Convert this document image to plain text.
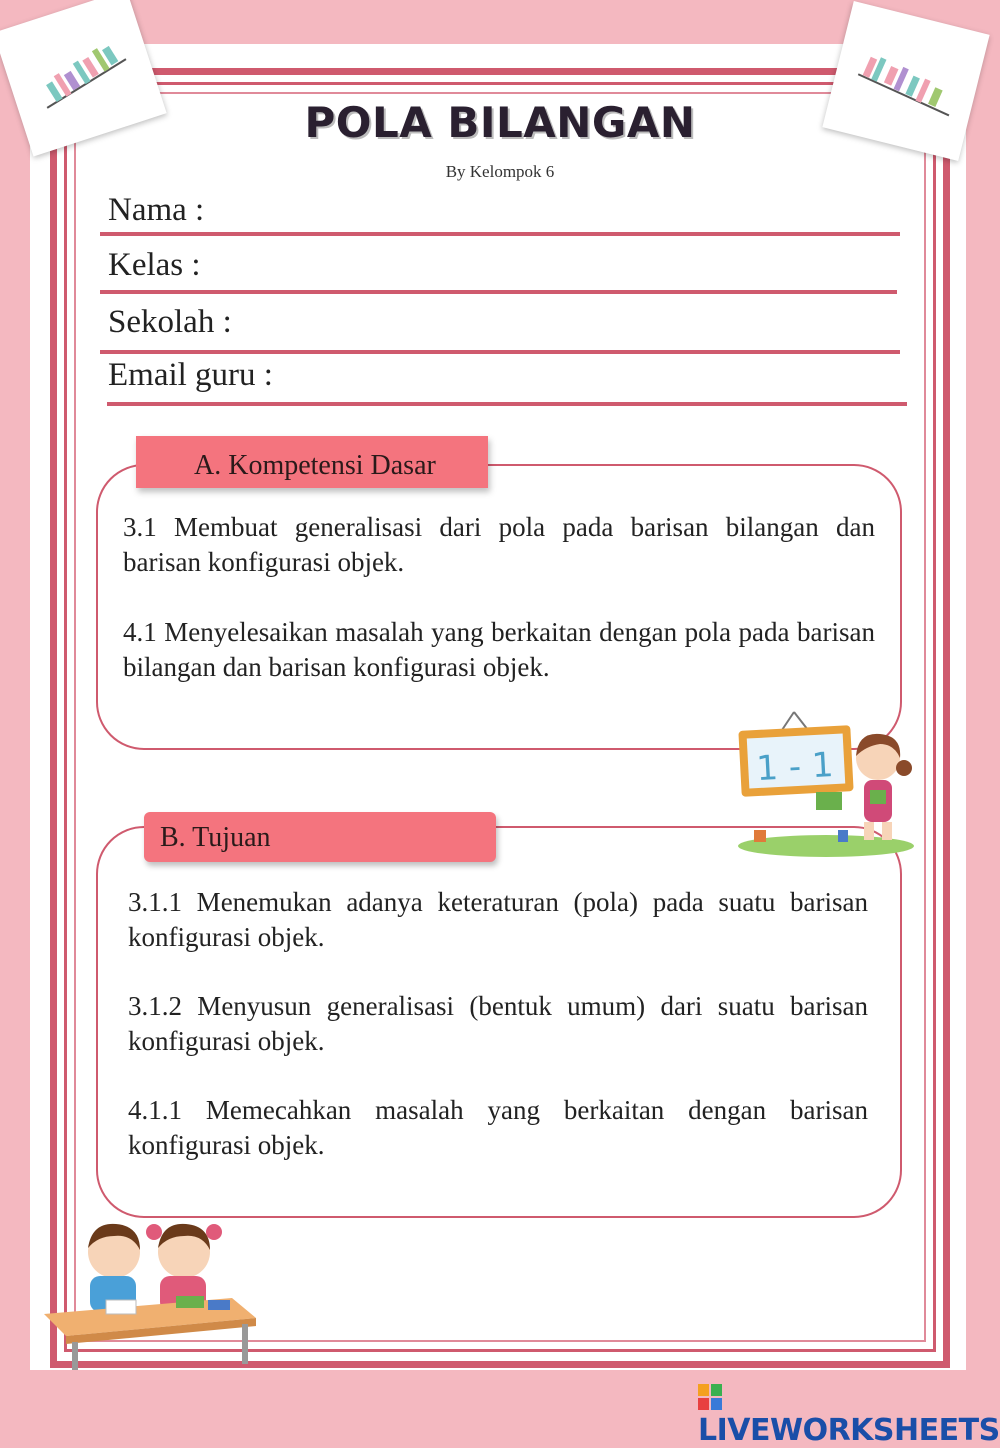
POLA BILANGAN
By Kelompok 6
Nama :
Kelas :
Sekolah :
Email guru :
A. Kompetensi Dasar

3.1 Membuat generalisasi dari pola pada barisan bilangan dan barisan konfigurasi objek.

4.1 Menyelesaikan masalah yang berkaitan dengan pola pada barisan bilangan dan barisan konfigurasi objek.

B. Tujuan

3.1.1 Menemukan adanya keteraturan (pola) pada suatu barisan konfigurasi objek.

3.1.2 Menyusun generalisasi (bentuk umum) dari suatu barisan konfigurasi objek.

4.1.1 Memecahkan masalah yang berkaitan dengan barisan konfigurasi objek.

1 - 1
LIVEWORKSHEETS
